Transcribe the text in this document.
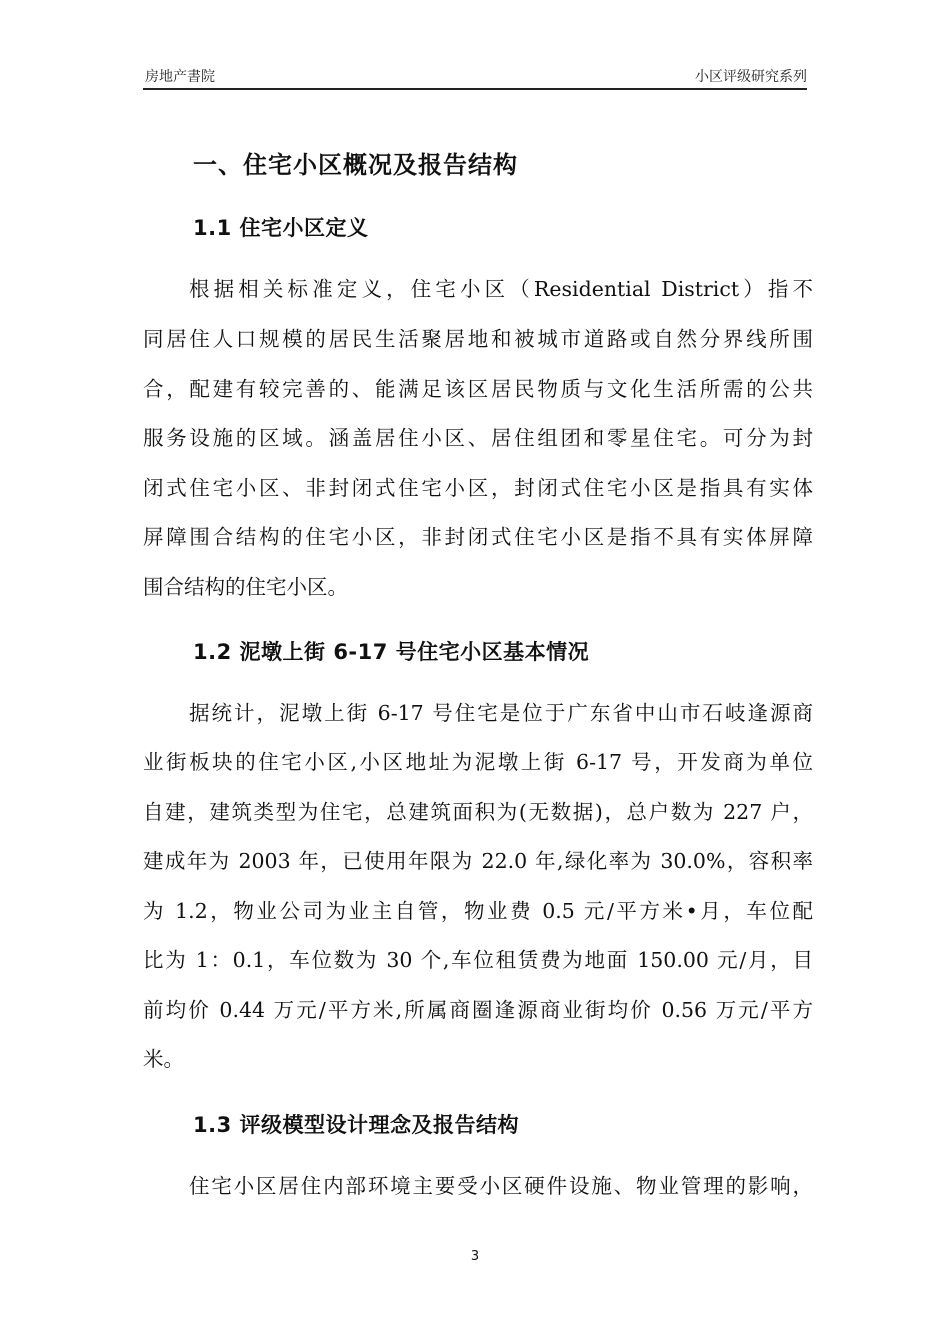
房地产書院	小区评级研究系列
一、住宅小区概况及报告结构
1.1 住宅小区定义
根据相关标准定义，住宅小区（Residential District）指不
同居住人口规模的居民生活聚居地和被城市道路或自然分界线所围
合，配建有较完善的、能满足该区居民物质与文化生活所需的公共
服务设施的区域。涵盖居住小区、居住组团和零星住宅。可分为封
闭式住宅小区、非封闭式住宅小区，封闭式住宅小区是指具有实体
屏障围合结构的住宅小区，非封闭式住宅小区是指不具有实体屏障
围合结构的住宅小区。
1.2 泥墩上街 6-17 号住宅小区基本情况
据统计，泥墩上街 6-17 号住宅是位于广东省中山市石岐逢源商
业街板块的住宅小区,小区地址为泥墩上街 6-17 号，开发商为单位
自建，建筑类型为住宅，总建筑面积为(无数据)，总户数为 227 户，
建成年为 2003 年，已使用年限为 22.0 年,绿化率为 30.0%，容积率
为 1.2，物业公司为业主自管，物业费 0.5 元/平方米•月，车位配
比为 1：0.1，车位数为 30 个,车位租赁费为地面 150.00 元/月，目
前均价 0.44 万元/平方米,所属商圈逢源商业街均价 0.56 万元/平方
米。
1.3 评级模型设计理念及报告结构
住宅小区居住内部环境主要受小区硬件设施、物业管理的影响，
3
